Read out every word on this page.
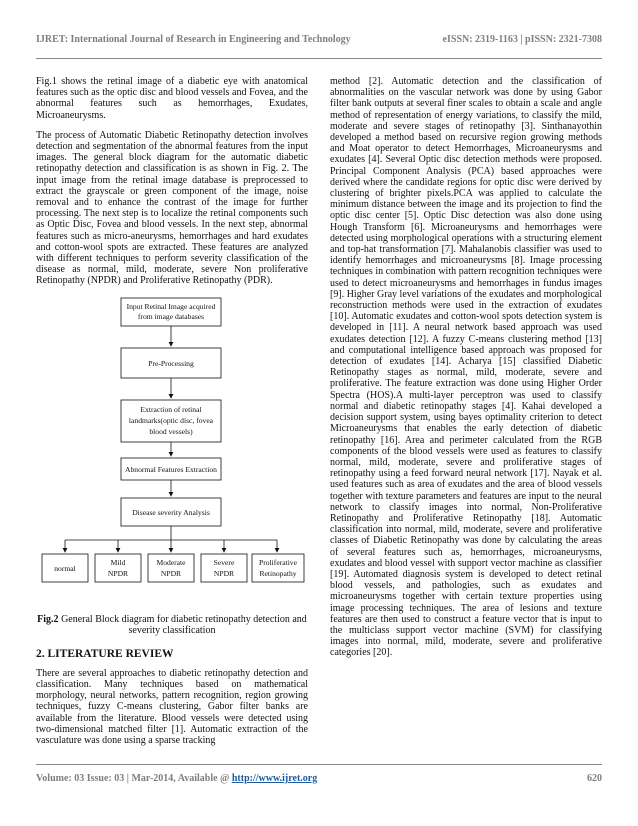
IJRET: International Journal of Research in Engineering and Technology	eISSN: 2319-1163 | pISSN: 2321-7308

Fig.1 shows the retinal image of a diabetic eye with anatomical features such as the optic disc and blood vessels and Fovea, and the abnormal features such as hemorrhages, Exudates, Microaneurysms.

The process of Automatic Diabetic Retinopathy detection involves detection and segmentation of the abnormal features from the input images. The general block diagram for the automatic diabetic retinopathy detection and classification is as shown in Fig. 2. The input image from the retinal image database is preprocessed to extract the grayscale or green component of the image, noise removal and to enhance the contrast of the image for further processing. The next step is to localize the retinal components such as Optic Disc, Fovea and blood vessels. In the next step, abnormal features such as micro-aneurysms, hemorrhages and hard exudates and cotton-wool spots are extracted. These features are analyzed with different techniques to perform severity classification of the disease as normal, mild, moderate, severe Non proliferative Retinopathy (NPDR) and Proliferative Retinopathy (PDR).

Input Retinal Image acquired
from image databases
Pre-Processing
Extraction of retinal
landmarks(optic disc, fovea
blood vessels)
Abnormal Features Extraction
Disease severity Analysis
normal
Mild
NPDR
Moderate
NPDR
Severe
NPDR
Proliferative
Retinopathy
Fig.2 General Block diagram for diabetic retinopathy detection and severity classification
2. LITERATURE REVIEW

There are several approaches to diabetic retinopathy detection and classification. Many techniques based on mathematical morphology, neural networks, pattern recognition, region growing techniques, fuzzy C-means clustering, Gabor filter banks are available from the literature. Blood vessels were detected using two-dimensional matched filter [1]. Automatic extraction of the vasculature was done using a sparse tracking

method [2]. Automatic detection and the classification of abnormalities on the vascular network was done by using Gabor filter bank outputs at several finer scales to obtain a scale and angle method of representation of energy variations, to classify the mild, moderate and severe stages of retinopathy [3]. Sinthanayothin developed a method based on recursive region growing methods and Moat operator to detect Hemorrhages, Microaneurysms and exudates [4]. Several Optic disc detection methods were proposed. Principal Component Analysis (PCA) based approaches were derived where the candidate regions for optic disc were derived by clustering of brighter pixels.PCA was applied to calculate the minimum distance between the image and its projection to find the optic disc center [5]. Optic Disc detection was also done using Hough Transform [6]. Microaneurysms and hemorrhages were detected using morphological operations with a structuring element and top-hat transformation [7]. Mahalanobis classifier was used to identify hemorrhages and microaneurysms [8]. Image processing techniques in combination with pattern recognition techniques were used to detect microaneurysms and hemorrhages in fundus images [9]. Higher Gray level variations of the exudates and morphological reconstruction methods were used in the extraction of exudates [10]. Automatic exudates and cotton-wool spots detection system is developed in [11]. A neural network based approach was used exudates detection [12]. A fuzzy C-means clustering method [13] and computational intelligence based approach was proposed for detection of exudates [14]. Acharya [15] classified Diabetic Retinopathy stages as normal, mild, moderate, severe and proliferative. The feature extraction was done using Higher Order Spectra (HOS).A multi-layer perceptron was used to classify normal and diabetic retinopathy stages [4]. Kahai developed a decision support system, using bayes optimality criterion to detect Microaneurysms that enables the early detection of diabetic retinopathy [16]. Area and perimeter calculated from the RGB components of the blood vessels were used as features to classify normal, mild, moderate, severe and proliferative stages of retinopathy using a feed forward neural network [17]. Nayak et al. used features such as area of exudates and the area of blood vessels together with texture parameters and features are input to the neural network to classify images into normal, Non-Proliferative Retinopathy and Proliferative Retinopathy [18]. Automatic classification into normal, mild, moderate, severe and proliferative classes of Diabetic Retinopathy was done by calculating the areas of several features such as, hemorrhages, microaneurysms, exudates and blood vessel with support vector machine as classifier [19]. Automated diagnosis system is developed to detect retinal blood vessels, and pathologies, such as exudates and microaneurysms together with certain texture properties using image processing techniques. The area of lesions and texture features are then used to construct a feature vector that is input to the multiclass support vector machine (SVM) for classifying images into normal, mild, moderate, severe and proliferative categories [20].

Volume: 03 Issue: 03 | Mar-2014, Available @ http://www.ijret.org	620
